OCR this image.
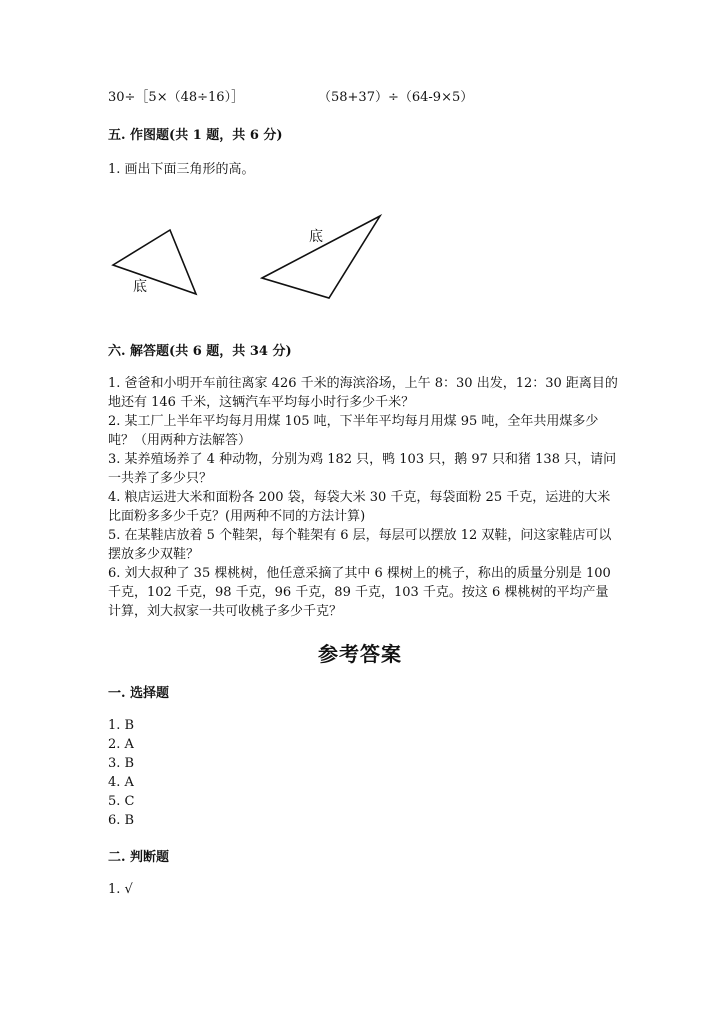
30÷［5×（48÷16）］	（58+37）÷（64-9×5）
五. 作图题(共 1 题，共 6 分)
1. 画出下面三角形的高。
底
底
六. 解答题(共 6 题，共 34 分)

1. 爸爸和小明开车前往离家 426 千米的海滨浴场，上午 8：30 出发，12：30 距离目的地还有 146 千米，这辆汽车平均每小时行多少千米？

2. 某工厂上半年平均每月用煤 105 吨，下半年平均每月用煤 95 吨，全年共用煤多少吨？（用两种方法解答）

3. 某养殖场养了 4 种动物，分别为鸡 182 只，鸭 103 只，鹅 97 只和猪 138 只，请问一共养了多少只？

4. 粮店运进大米和面粉各 200 袋，每袋大米 30 千克，每袋面粉 25 千克，运进的大米比面粉多多少千克？(用两种不同的方法计算)

5. 在某鞋店放着 5 个鞋架，每个鞋架有 6 层，每层可以摆放 12 双鞋，问这家鞋店可以摆放多少双鞋？

6. 刘大叔种了 35 棵桃树，他任意采摘了其中 6 棵树上的桃子，称出的质量分别是 100 千克，102 千克，98 千克，96 千克，89 千克，103 千克。按这 6 棵桃树的平均产量计算，刘大叔家一共可收桃子多少千克？

参考答案
一. 选择题
1. B
2. A
3. B
4. A
5. C
6. B
二. 判断题
1. √
